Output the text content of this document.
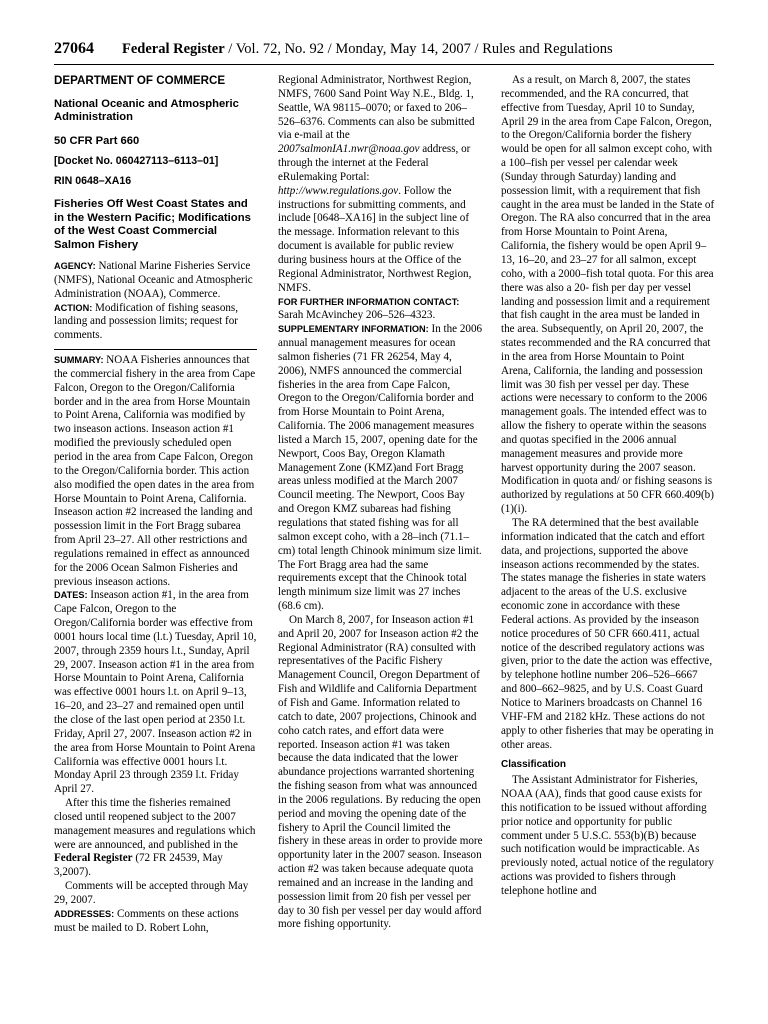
27064 Federal Register / Vol. 72, No. 92 / Monday, May 14, 2007 / Rules and Regulations
DEPARTMENT OF COMMERCE
National Oceanic and Atmospheric Administration
50 CFR Part 660
[Docket No. 060427113–6113–01]
RIN 0648–XA16
Fisheries Off West Coast States and in the Western Pacific; Modifications of the West Coast Commercial Salmon Fishery

AGENCY: National Marine Fisheries Service (NMFS), National Oceanic and Atmospheric Administration (NOAA), Commerce.

ACTION: Modification of fishing seasons, landing and possession limits; request for comments.

SUMMARY: NOAA Fisheries announces that the commercial fishery in the area from Cape Falcon, Oregon to the Oregon/California border and in the area from Horse Mountain to Point Arena, California was modified by two inseason actions. Inseason action #1 modified the previously scheduled open period in the area from Cape Falcon, Oregon to the Oregon/California border. This action also modified the open dates in the area from Horse Mountain to Point Arena, California. Inseason action #2 increased the landing and possession limit in the Fort Bragg subarea from April 23–27. All other restrictions and regulations remained in effect as announced for the 2006 Ocean Salmon Fisheries and previous inseason actions.

DATES: Inseason action #1, in the area from Cape Falcon, Oregon to the Oregon/California border was effective from 0001 hours local time (l.t.) Tuesday, April 10, 2007, through 2359 hours l.t., Sunday, April 29, 2007. Inseason action #1 in the area from Horse Mountain to Point Arena, California was effective 0001 hours l.t. on April 9–13, 16–20, and 23–27 and remained open until the close of the last open period at 2350 l.t. Friday, April 27, 2007. Inseason action #2 in the area from Horse Mountain to Point Arena California was effective 0001 hours l.t. Monday April 23 through 2359 l.t. Friday April 27.

After this time the fisheries remained closed until reopened subject to the 2007 management measures and regulations which were are announced, and published in the Federal Register (72 FR 24539, May 3,2007).

Comments will be accepted through May 29, 2007.

ADDRESSES: Comments on these actions must be mailed to D. Robert Lohn,

Regional Administrator, Northwest Region, NMFS, 7600 Sand Point Way N.E., Bldg. 1, Seattle, WA 98115–0070; or faxed to 206–526–6376. Comments can also be submitted via e-mail at the 2007salmonIA1.nwr@noaa.gov address, or through the internet at the Federal eRulemaking Portal: http://www.regulations.gov. Follow the instructions for submitting comments, and include [0648–XA16] in the subject line of the message. Information relevant to this document is available for public review during business hours at the Office of the Regional Administrator, Northwest Region, NMFS.

FOR FURTHER INFORMATION CONTACT:
Sarah McAvinchey 206–526–4323.

SUPPLEMENTARY INFORMATION: In the 2006 annual management measures for ocean salmon fisheries (71 FR 26254, May 4, 2006), NMFS announced the commercial fisheries in the area from Cape Falcon, Oregon to the Oregon/California border and from Horse Mountain to Point Arena, California. The 2006 management measures listed a March 15, 2007, opening date for the Newport, Coos Bay, Oregon Klamath Management Zone (KMZ)and Fort Bragg areas unless modified at the March 2007 Council meeting. The Newport, Coos Bay and Oregon KMZ subareas had fishing regulations that stated fishing was for all salmon except coho, with a 28–inch (71.1–cm) total length Chinook minimum size limit. The Fort Bragg area had the same requirements except that the Chinook total length minimum size limit was 27 inches (68.6 cm).

On March 8, 2007, for Inseason action #1 and April 20, 2007 for Inseason action #2 the Regional Administrator (RA) consulted with representatives of the Pacific Fishery Management Council, Oregon Department of Fish and Wildlife and California Department of Fish and Game. Information related to catch to date, 2007 projections, Chinook and coho catch rates, and effort data were reported. Inseason action #1 was taken because the data indicated that the lower abundance projections warranted shortening the fishing season from what was announced in the 2006 regulations. By reducing the open period and moving the opening date of the fishery to April the Council limited the fishery in these areas in order to provide more opportunity later in the 2007 season. Inseason action #2 was taken because adequate quota remained and an increase in the landing and possession limit from 20 fish per vessel per day to 30 fish per vessel per day would afford more fishing opportunity.

As a result, on March 8, 2007, the states recommended, and the RA concurred, that effective from Tuesday, April 10 to Sunday, April 29 in the area from Cape Falcon, Oregon, to the Oregon/California border the fishery would be open for all salmon except coho, with a 100–fish per vessel per calendar week (Sunday through Saturday) landing and possession limit, with a requirement that fish caught in the area must be landed in the State of Oregon. The RA also concurred that in the area from Horse Mountain to Point Arena, California, the fishery would be open April 9–13, 16–20, and 23–27 for all salmon, except coho, with a 2000–fish total quota. For this area there was also a 20- fish per day per vessel landing and possession limit and a requirement that fish caught in the area must be landed in the area. Subsequently, on April 20, 2007, the states recommended and the RA concurred that in the area from Horse Mountain to Point Arena, California, the landing and possession limit was 30 fish per vessel per day. These actions were necessary to conform to the 2006 management goals. The intended effect was to allow the fishery to operate within the seasons and quotas specified in the 2006 annual management measures and provide more harvest opportunity during the 2007 season. Modification in quota and/ or fishing seasons is authorized by regulations at 50 CFR 660.409(b)(1)(i).

The RA determined that the best available information indicated that the catch and effort data, and projections, supported the above inseason actions recommended by the states. The states manage the fisheries in state waters adjacent to the areas of the U.S. exclusive economic zone in accordance with these Federal actions. As provided by the inseason notice procedures of 50 CFR 660.411, actual notice of the described regulatory actions was given, prior to the date the action was effective, by telephone hotline number 206–526–6667 and 800–662–9825, and by U.S. Coast Guard Notice to Mariners broadcasts on Channel 16 VHF-FM and 2182 kHz. These actions do not apply to other fisheries that may be operating in other areas.

Classification

The Assistant Administrator for Fisheries, NOAA (AA), finds that good cause exists for this notification to be issued without affording prior notice and opportunity for public comment under 5 U.S.C. 553(b)(B) because such notification would be impracticable. As previously noted, actual notice of the regulatory actions was provided to fishers through telephone hotline and
